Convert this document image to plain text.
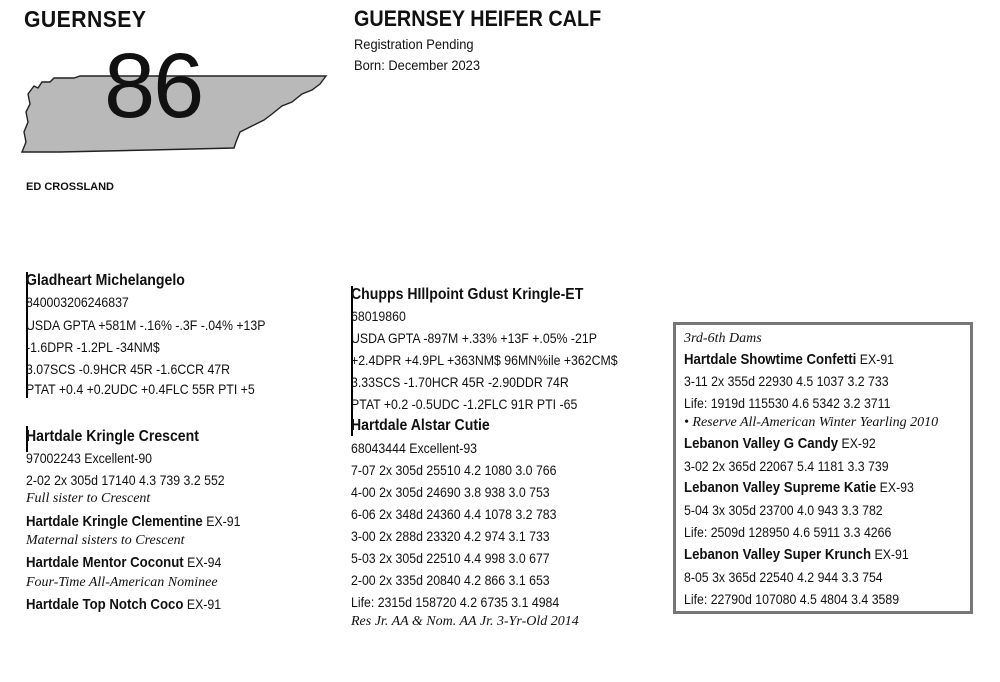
GUERNSEY
86
ED CROSSLAND
GUERNSEY HEIFER CALF
Registration Pending
Born: December 2023
Gladheart Michelangelo
840003206246837
USDA GPTA +581M -.16% -.3F -.04% +13P
-1.6DPR -1.2PL -34NM$
3.07SCS -0.9HCR 45R -1.6CCR 47R
PTAT +0.4 +0.2UDC +0.4FLC 55R PTI +5
Hartdale Kringle Crescent
97002243 Excellent-90
2-02 2x 305d 17140 4.3 739 3.2 552
Full sister to Crescent
Hartdale Kringle Clementine EX-91
Maternal sisters to Crescent
Hartdale Mentor Coconut EX-94
Four-Time All-American Nominee
Hartdale Top Notch Coco EX-91
Chupps HIllpoint Gdust Kringle-ET
68019860
USDA GPTA -897M +.33% +13F +.05% -21P
+2.4DPR +4.9PL +363NM$ 96MN%ile +362CM$
3.33SCS -1.70HCR 45R -2.90DDR 74R
PTAT +0.2 -0.5UDC -1.2FLC 91R PTI -65
Hartdale Alstar Cutie
68043444 Excellent-93
7-07 2x 305d 25510 4.2 1080 3.0 766
4-00 2x 305d 24690 3.8 938 3.0 753
6-06 2x 348d 24360 4.4 1078 3.2 783
3-00 2x 288d 23320 4.2 974 3.1 733
5-03 2x 305d 22510 4.4 998 3.0 677
2-00 2x 335d 20840 4.2 866 3.1 653
Life: 2315d 158720 4.2 6735 3.1 4984
Res Jr. AA & Nom. AA Jr. 3-Yr-Old 2014
3rd-6th Dams
Hartdale Showtime Confetti EX-91
3-11 2x 355d 22930 4.5 1037 3.2 733
Life: 1919d 115530 4.6 5342 3.2 3711
• Reserve All-American Winter Yearling 2010
Lebanon Valley G Candy EX-92
3-02 2x 365d 22067 5.4 1181 3.3 739
Lebanon Valley Supreme Katie EX-93
5-04 3x 305d 23700 4.0 943 3.3 782
Life: 2509d 128950 4.6 5911 3.3 4266
Lebanon Valley Super Krunch EX-91
8-05 3x 365d 22540 4.2 944 3.3 754
Life: 22790d 107080 4.5 4804 3.4 3589
